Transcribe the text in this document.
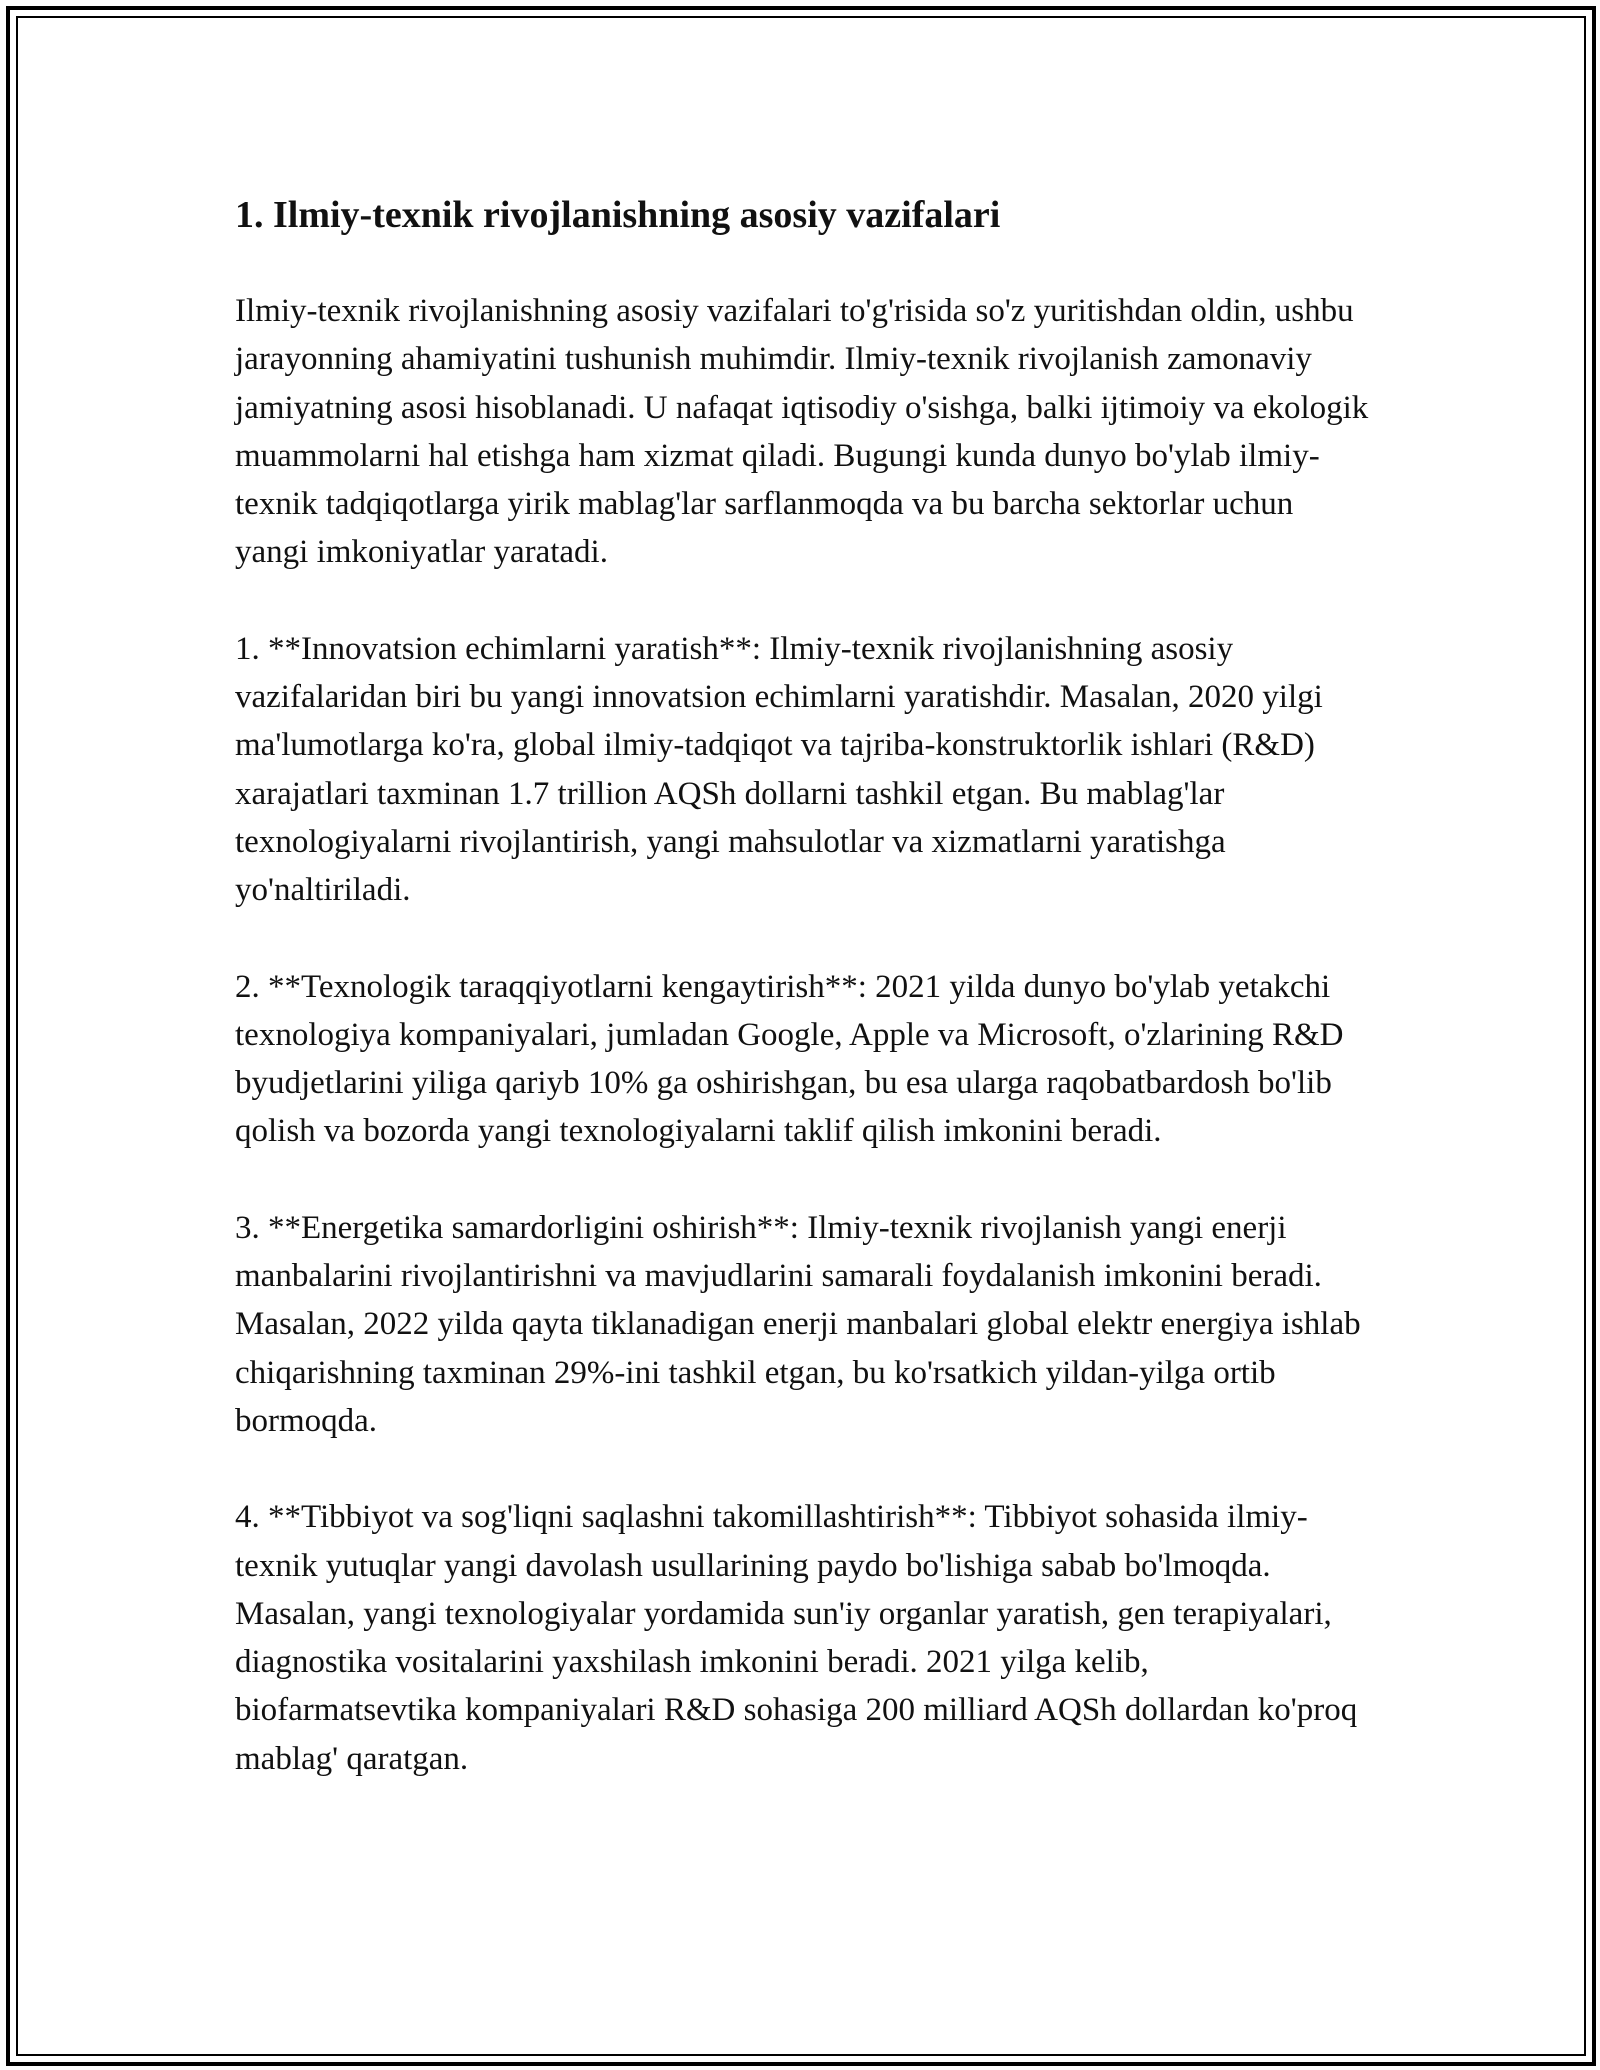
1. Ilmiy-texnik rivojlanishning asosiy vazifalari

Ilmiy-texnik rivojlanishning asosiy vazifalari to'g'risida so'z yuritishdan oldin, ushbu jarayonning ahamiyatini tushunish muhimdir. Ilmiy-texnik rivojlanish zamonaviy jamiyatning asosi hisoblanadi. U nafaqat iqtisodiy o'sishga, balki ijtimoiy va ekologik muammolarni hal etishga ham xizmat qiladi. Bugungi kunda dunyo bo'ylab ilmiy-texnik tadqiqotlarga yirik mablag'lar sarflanmoqda va bu barcha sektorlar uchun yangi imkoniyatlar yaratadi.

1. **Innovatsion echimlarni yaratish**: Ilmiy-texnik rivojlanishning asosiy vazifalaridan biri bu yangi innovatsion echimlarni yaratishdir. Masalan, 2020 yilgi ma'lumotlarga ko'ra, global ilmiy-tadqiqot va tajriba-konstruktorlik ishlari (R&D) xarajatlari taxminan 1.7 trillion AQSh dollarni tashkil etgan. Bu mablag'lar texnologiyalarni rivojlantirish, yangi mahsulotlar va xizmatlarni yaratishga yo'naltiriladi.

2. **Texnologik taraqqiyotlarni kengaytirish**: 2021 yilda dunyo bo'ylab yetakchi texnologiya kompaniyalari, jumladan Google, Apple va Microsoft, o'zlarining R&D byudjetlarini yiliga qariyb 10% ga oshirishgan, bu esa ularga raqobatbardosh bo'lib qolish va bozorda yangi texnologiyalarni taklif qilish imkonini beradi.

3. **Energetika samardorligini oshirish**: Ilmiy-texnik rivojlanish yangi enerji manbalarini rivojlantirishni va mavjudlarini samarali foydalanish imkonini beradi. Masalan, 2022 yilda qayta tiklanadigan enerji manbalari global elektr energiya ishlab chiqarishning taxminan 29%-ini tashkil etgan, bu ko'rsatkich yildan-yilga ortib bormoqda.

4. **Tibbiyot va sog'liqni saqlashni takomillashtirish**: Tibbiyot sohasida ilmiy-texnik yutuqlar yangi davolash usullarining paydo bo'lishiga sabab bo'lmoqda. Masalan, yangi texnologiyalar yordamida sun'iy organlar yaratish, gen terapiyalari, diagnostika vositalarini yaxshilash imkonini beradi. 2021 yilga kelib, biofarmatsevtika kompaniyalari R&D sohasiga 200 milliard AQSh dollardan ko'proq mablag' qaratgan.
